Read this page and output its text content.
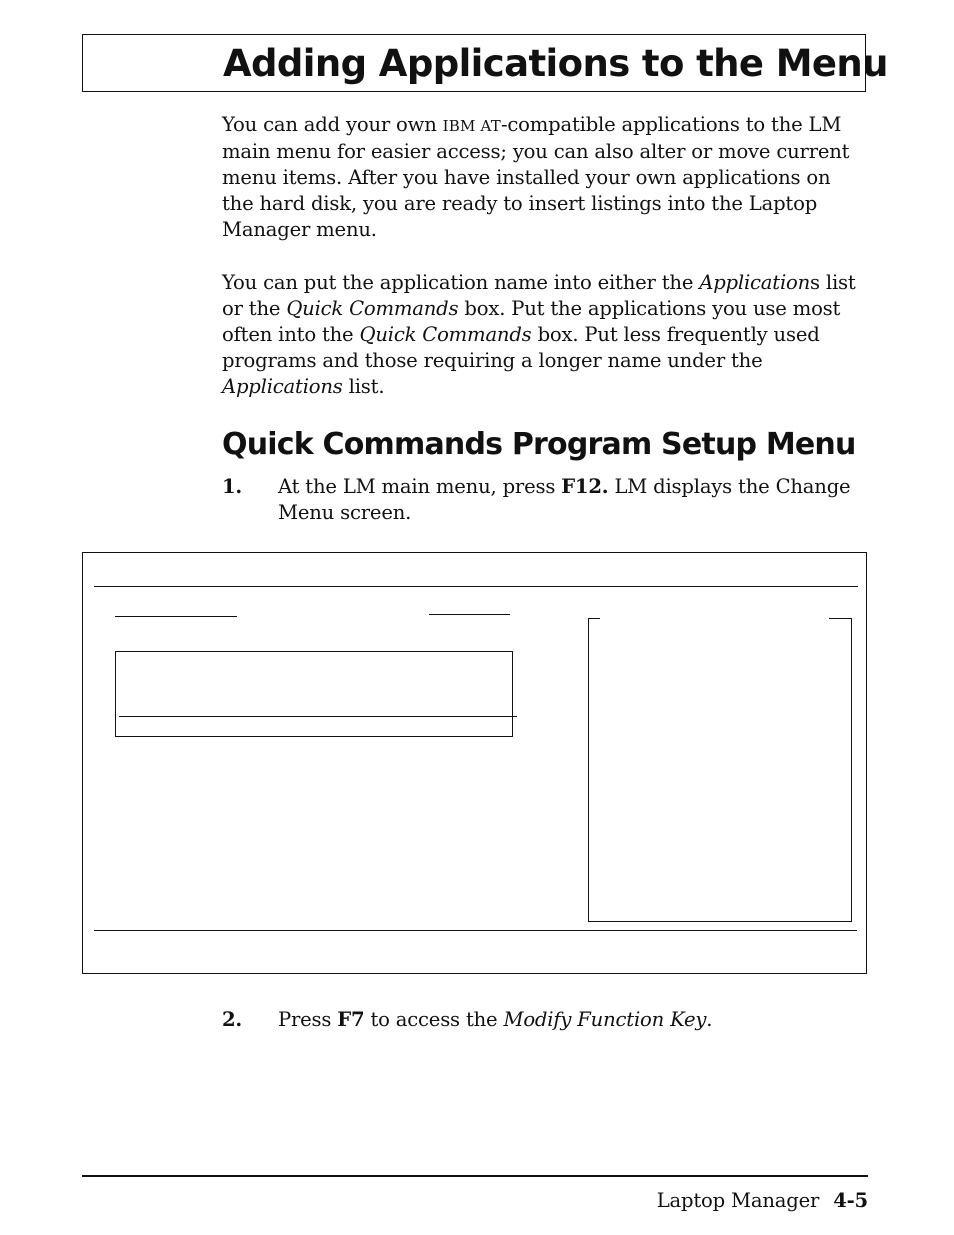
Adding Applications to the Menu

You can add your own IBM AT-compatible applications to the LM main menu for easier access; you can also alter or move current menu items. After you have installed your own applications on the hard disk, you are ready to insert listings into the Laptop Manager menu.

You can put the application name into either the Applications list or the Quick Commands box. Put the applications you use most often into the Quick Commands box. Put less frequently used programs and those requiring a longer name under the Applications list.

Quick Commands Program Setup Menu
1. At the LM main menu, press F12. LM displays the Change Menu screen.
2. Press F7 to access the Modify Function Key.
Laptop Manager 4-5
